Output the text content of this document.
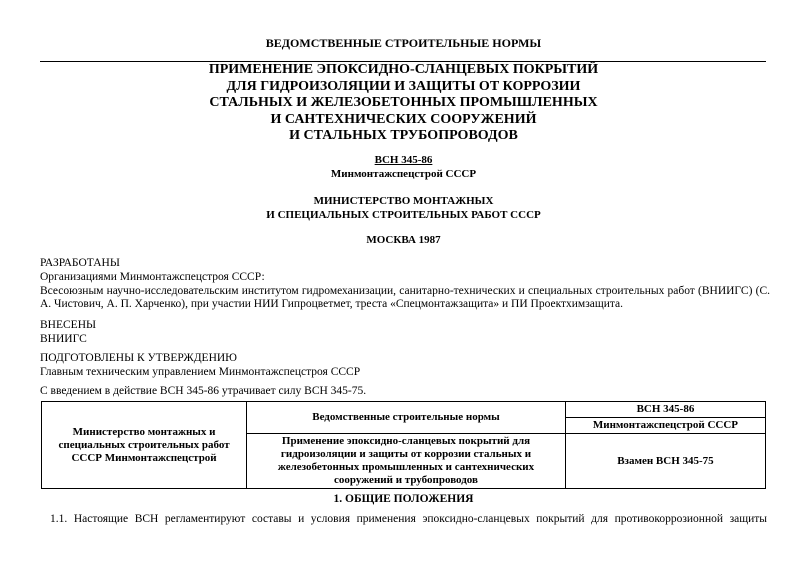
ВЕДОМСТВЕННЫЕ СТРОИТЕЛЬНЫЕ НОРМЫ
ПРИМЕНЕНИЕ ЭПОКСИДНО-СЛАНЦЕВЫХ ПОКРЫТИЙ
ДЛЯ ГИДРОИЗОЛЯЦИИ И ЗАЩИТЫ ОТ КОРРОЗИИ
СТАЛЬНЫХ И ЖЕЛЕЗОБЕТОННЫХ ПРОМЫШЛЕННЫХ
И САНТЕХНИЧЕСКИХ СООРУЖЕНИЙ
И СТАЛЬНЫХ ТРУБОПРОВОДОВ
ВСН 345-86
Минмонтажспецстрой СССР
МИНИСТЕРСТВО МОНТАЖНЫХ
И СПЕЦИАЛЬНЫХ СТРОИТЕЛЬНЫХ РАБОТ СССР
МОСКВА 1987
РАЗРАБОТАНЫ
Организациями Минмонтажспецстроя СССР:
Всесоюзным научно-исследовательским институтом гидромеханизации, санитарно-технических и специальных строительных работ (ВНИИГС) (С. А. Чистович, А. П. Харченко), при участии НИИ Гипроцветмет, треста «Спецмонтажзащита» и ПИ Проектхимзащита.
ВНЕСЕНЫ
ВНИИГС
ПОДГОТОВЛЕНЫ К УТВЕРЖДЕНИЮ
Главным техническим управлением Минмонтажспецстроя СССР
С введением в действие ВСН 345-86 утрачивает силу ВСН 345-75.
Министерство монтажных и специальных строительных работ СССР Минмонтажспецстрой	Ведомственные строительные нормы	ВСН 345-86
		Минмонтажспецстрой СССР
	Применение эпоксидно-сланцевых покрытий для гидроизоляции и защиты от коррозии стальных и железобетонных промышленных и сантехнических сооружений и трубопроводов	Взамен ВСН 345-75
1. ОБЩИЕ ПОЛОЖЕНИЯ
1.1. Настоящие ВСН регламентируют составы и условия применения эпоксидно-сланцевых покрытий для противокоррозионной защиты
